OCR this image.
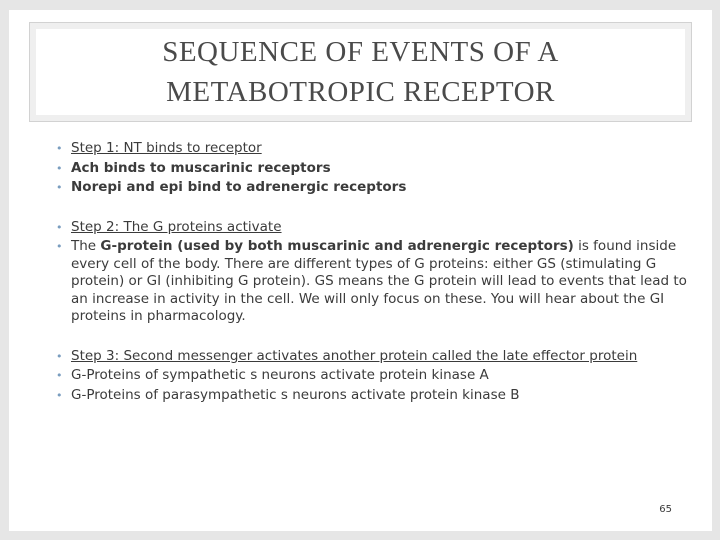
SEQUENCE OF EVENTS OF A
METABOTROPIC RECEPTOR
• Step 1: NT binds to receptor
• Ach binds to muscarinic receptors
• Norepi and epi bind to adrenergic receptors
• Step 2: The G proteins activate
• The G-protein (used by both muscarinic and adrenergic receptors) is found inside every cell of the body. There are different types of G proteins: either GS (stimulating G protein) or GI (inhibiting G protein). GS means the G protein will lead to events that lead to an increase in activity in the cell. We will only focus on these. You will hear about the GI proteins in pharmacology.
• Step 3: Second messenger activates another protein called the late effector protein
• G-Proteins of sympathetic s neurons activate protein kinase A
• G-Proteins of parasympathetic s neurons activate protein kinase B
65
